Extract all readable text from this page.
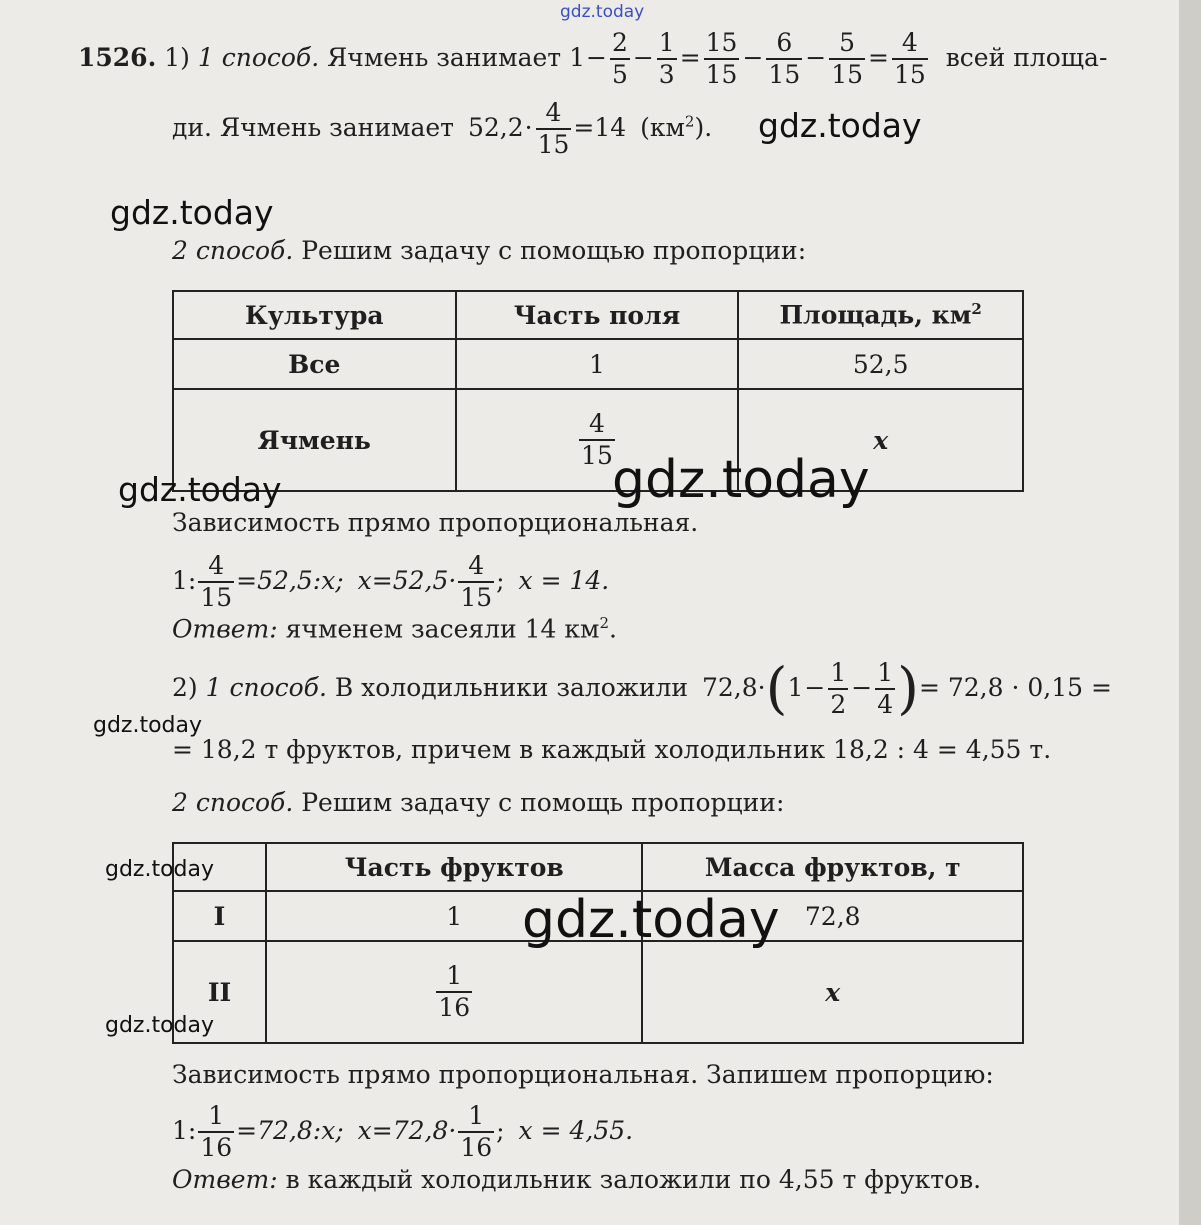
gdz.today
1526. 1) 1 способ. Ячмень занимает $1- \frac{2}{5} - \frac{1}{3} = \frac{15}{15} - \frac{6}{15} - \frac{5}{15} = \frac{4}{15}$ всей площа-
ди. Ячмень занимает $52,2\cdot \frac{4}{15} =14$ $(км^2)$. gdz.today
gdz.today
2 способ. Решим задачу с помощью пропорции:
Культура	Часть поля	Площадь, $км^2$
Все	1	52,5
Ячмень	$\frac{4}{15}$	x
gdz.today
gdz.today
Зависимость прямо пропорциональная.
1: $\frac{4}{15}$ =52,5:x; $x=52,5\cdot \frac{4}{15}$ ; x = 14.
Ответ: ячменем засеяли 14 $км^2$.
2) 1 способ. В холодильники заложили $72,8\cdot(1- \frac{1}{2} - \frac{1}{4}$ )= 72,8 · 0,15 =
gdz.today
= 18,2 т фруктов, причем в каждый холодильник 18,2 : 4 = 4,55 т.
2 способ. Решим задачу с помощь пропорции:
	Часть фруктов	Масса фруктов, т
I	1	72,8
II	$\frac{1}{16}$	x
gdz.today
gdz.today
gdz.today
Зависимость прямо пропорциональная. Запишем пропорцию:
1: $\frac{1}{16}$ =72,8:x; $x=72,8\cdot \frac{1}{16}$ ; x = 4,55.
Ответ: в каждый холодильник заложили по 4,55 т фруктов.
